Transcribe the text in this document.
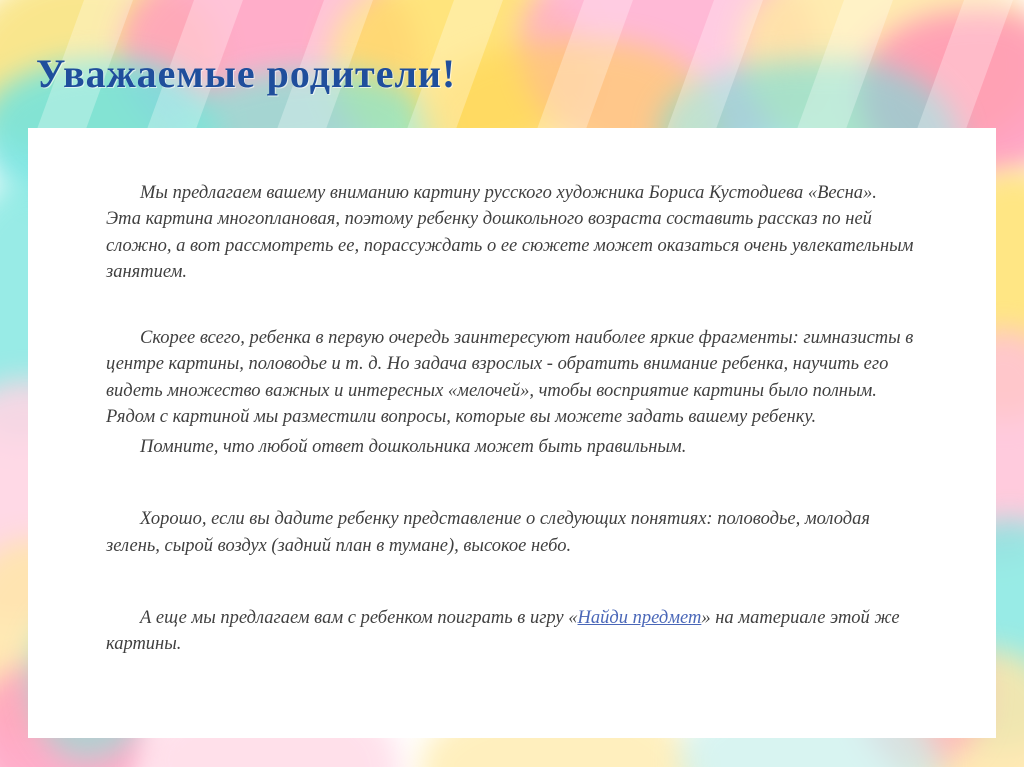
Уважаемые родители!

Мы предлагаем вашему вниманию картину русского художника Бориса Кустодиева «Весна». Эта картина многоплановая, поэтому ребенку дошкольного возраста составить рассказ по ней сложно, а вот рассмотреть ее, порассуждать о ее сюжете может оказаться очень увлекательным занятием.

Скорее всего, ребенка в первую очередь заинтересуют наиболее яркие фрагменты: гимназисты в центре картины, половодье и т. д. Но задача взрослых - обратить внимание ребенка, научить его видеть множество важных и интересных «мелочей», чтобы восприятие картины было полным. Рядом с картиной мы разместили вопросы, которые вы можете задать вашему ребенку.

Помните, что любой ответ дошкольника может быть правильным.

Хорошо, если вы дадите ребенку представление о следующих понятиях: половодье, молодая зелень, сырой воздух (задний план в тумане), высокое небо.

А еще мы предлагаем вам с ребенком поиграть в игру «Найди предмет» на материале этой же картины.
